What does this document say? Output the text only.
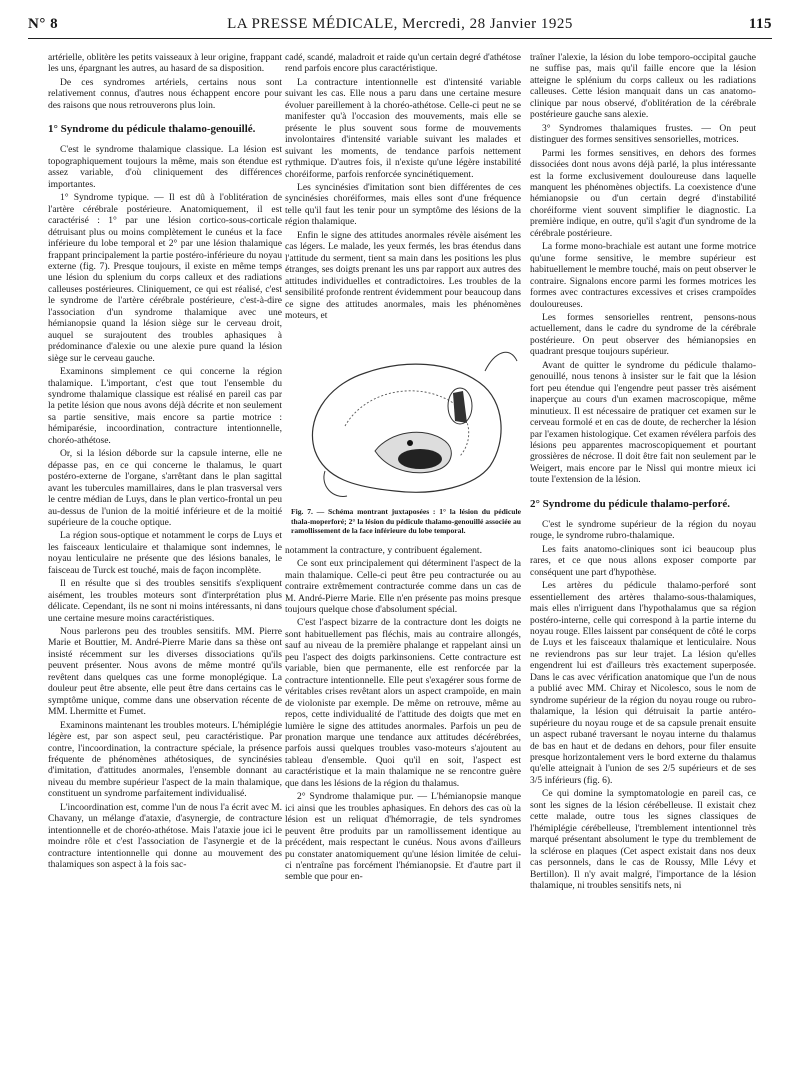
N° 8	LA PRESSE MÉDICALE, Mercredi, 28 Janvier 1925	115

artérielle, oblitère les petits vaisseaux à leur origine, frappant les uns, épargnant les autres, au hasard de sa disposition.

De ces syndromes artériels, certains nous sont relativement connus, d'autres nous échappent encore pour des raisons que nous retrouverons plus loin.

1° Syndrome du pédicule thalamo-genouillé.

C'est le syndrome thalamique classique. La lésion est topographiquement toujours la même, mais son étendue est assez variable, d'où cliniquement des différences importantes.

1° Syndrome typique. — Il est dû à l'oblitération de l'artère cérébrale postérieure. Anatomiquement, il est caractérisé : 1° par une lésion cortico-sous-corticale détruisant plus ou moins complètement le cunéus et la face inférieure du lobe temporal et 2° par une lésion thalamique frappant principalement la partie postéro-inférieure du noyau externe (fig. 7). Presque toujours, il existe en même temps une lésion du splenium du corps calleux et des radiations calleuses postérieures. Cliniquement, ce qui est réalisé, c'est le syndrome de l'artère cérébrale postérieure, c'est-à-dire l'association d'un syndrome thalamique avec une hémianopsie quand la lésion siège sur le cerveau droit, auquel se surajoutent des troubles aphasiques à prédominance d'alexie ou une alexie pure quand la lésion siège sur le cerveau gauche.

Examinons simplement ce qui concerne la région thalamique. L'important, c'est que tout l'ensemble du syndrome thalamique classique est réalisé en pareil cas par la petite lésion que nous avons déjà décrite et non seulement sa partie sensitive, mais encore sa partie motrice : hémiparésie, incoordination, contracture intentionnelle, choréo-athétose.

Or, si la lésion déborde sur la capsule interne, elle ne dépasse pas, en ce qui concerne le thalamus, le quart postéro-externe de l'organe, s'arrêtant dans le plan sagittal avant les tubercules mamillaires, dans le plan trasversal vers le centre médian de Luys, dans le plan vertico-frontal un peu au-dessus de l'union de la moitié inférieure et de la moitié supérieure de la couche optique.

La région sous-optique et notamment le corps de Luys et les faisceaux lenticulaire et thalamique sont indemnes, le noyau lenticulaire ne présente que des lésions banales, le faisceau de Turck est touché, mais de façon incomplète.

Il en résulte que si des troubles sensitifs s'expliquent aisément, les troubles moteurs sont d'interprétation plus délicate. Cependant, ils ne sont ni moins intéressants, ni dans une certaine mesure moins caractéristiques.

Nous parlerons peu des troubles sensitifs. MM. Pierre Marie et Bouttier, M. André-Pierre Marie dans sa thèse ont insisté récemment sur les diverses dissociations qu'ils peuvent présenter. Nous avons de même montré qu'ils revêtent dans quelques cas une forme monoplégique. La douleur peut être absente, elle peut être dans certains cas le symptôme unique, comme dans une observation récente de MM. Lhermitte et Fumet.

Examinons maintenant les troubles moteurs. L'hémiplégie légère est, par son aspect seul, peu caractéristique. Par contre, l'incoordination, la contracture spéciale, la présence fréquente de phénomènes athétosiques, de syncinésies d'imitation, d'attitudes anormales, l'ensemble donnant au niveau du membre supérieur l'aspect de la main thalamique, constituent un syndrome parfaitement individualisé.

L'incoordination est, comme l'un de nous l'a écrit avec M. Chavany, un mélange d'ataxie, d'asynergie, de contracture intentionnelle et de choréo-athétose. Mais l'ataxie joue ici le moindre rôle et c'est l'association de l'asynergie et de la contracture intentionnelle qui donne au mouvement des thalamiques son aspect à la fois sac-

cadé, scandé, maladroit et raide qu'un certain degré d'athétose rend parfois encore plus caractéristique.

La contracture intentionnelle est d'intensité variable suivant les cas. Elle nous a paru dans une certaine mesure évoluer pareillement à la choréo-athétose. Celle-ci peut ne se manifester qu'à l'occasion des mouvements, mais elle se présente le plus souvent sous forme de mouvements involontaires d'intensité variable suivant les malades et suivant les moments, de tendance parfois nettement rythmique. D'autres fois, il n'existe qu'une légère instabilité choréiforme, parfois renforcée syncinétiquement.

Les syncinésies d'imitation sont bien différentes de ces syncinésies choréiformes, mais elles sont d'une fréquence telle qu'il faut les tenir pour un symptôme des lésions de la région thalamique.

Enfin le signe des attitudes anormales révèle aisément les cas légers. Le malade, les yeux fermés, les bras étendus dans l'attitude du serment, tient sa main dans les positions les plus étranges, ses doigts prenant les uns par rapport aux autres des attitudes individuelles et contradictoires. Les troubles de la sensibilité profonde rentrent évidemment pour beaucoup dans ce signe des attitudes anormales, mais les phénomènes moteurs, et

Fig. 7. — Schéma montrant juxtaposées : 1° la lésion du pédicule thala-moperforé; 2° la lésion du pédicule thalamo-genouillé associée au ramollissement de la face inférieure du lobe temporal.

notamment la contracture, y contribuent également.

Ce sont eux principalement qui déterminent l'aspect de la main thalamique. Celle-ci peut être peu contracturée ou au contraire extrêmement contracturée comme dans un cas de M. André-Pierre Marie. Elle n'en présente pas moins presque toujours quelque chose d'absolument spécial.

C'est l'aspect bizarre de la contracture dont les doigts ne sont habituellement pas fléchis, mais au contraire allongés, sauf au niveau de la première phalange et rappelant ainsi un peu l'aspect des doigts parkinsoniens. Cette contracture est variable, bien que permanente, elle est renforcée par la contracture intentionnelle. Elle peut s'exagérer sous forme de véritables crises revêtant alors un aspect crampoïde, en main de violoniste par exemple. De même on retrouve, même au repos, cette individualité de l'attitude des doigts que met en lumière le signe des attitudes anormales. Parfois un peu de pronation marque une tendance aux attitudes décérébrées, parfois aussi quelques troubles vaso-moteurs s'ajoutent au tableau d'ensemble. Quoi qu'il en soit, l'aspect est caractéristique et la main thalamique ne se rencontre guère que dans les lésions de la région du thalamus.

2° Syndrome thalamique pur. — L'hémianopsie manque ici ainsi que les troubles aphasiques. En dehors des cas où la lésion est un reliquat d'hémorragie, de tels syndromes peuvent être produits par un ramollissement identique au précédent, mais respectant le cunéus. Nous avons d'ailleurs pu constater anatomiquement qu'une lésion limitée de celui-ci n'entraîne pas forcément l'hémianopsie. Et d'autre part il semble que pour en-

traîner l'alexie, la lésion du lobe temporo-occipital gauche ne suffise pas, mais qu'il faille encore que la lésion atteigne le splénium du corps calleux ou les radiations calleuses. Cette lésion manquait dans un cas anatomo-clinique par nous observé, d'oblitération de la cérébrale postérieure gauche sans alexie.

3° Syndromes thalamiques frustes. — On peut distinguer des formes sensitives sensorielles, motrices.

Parmi les formes sensitives, en dehors des formes dissociées dont nous avons déjà parlé, la plus intéressante est la forme exclusivement douloureuse dans laquelle manquent les phénomènes objectifs. La coexistence d'une hémianopsie ou d'un certain degré d'instabilité choréiforme vient souvent simplifier le diagnostic. La première indique, en outre, qu'il s'agit d'un syndrome de la cérébrale postérieure.

La forme mono-brachiale est autant une forme motrice qu'une forme sensitive, le membre supérieur est habituellement le membre touché, mais on peut observer le contraire. Signalons encore parmi les formes motrices les formes avec contractures excessives et crises crampoïdes douloureuses.

Les formes sensorielles rentrent, pensons-nous actuellement, dans le cadre du syndrome de la cérébrale postérieure. On peut observer des hémianopsies en quadrant presque toujours supérieur.

Avant de quitter le syndrome du pédicule thalamo-genouillé, nous tenons à insister sur le fait que la lésion fort peu étendue qui l'engendre peut passer très aisément inaperçue au cours d'un examen macroscopique, même minutieux. Il est nécessaire de pratiquer cet examen sur le cerveau formolé et en cas de doute, de rechercher la lésion par l'examen histologique. Cet examen révélera parfois des lésions peu apparentes macroscopiquement et pourtant grossières de nécrose. Il doit être fait non seulement par le Weigert, mais encore par le Nissl qui montre mieux ici toute l'extension de la lésion.

2° Syndrome du pédicule thalamo-perforé.

C'est le syndrome supérieur de la région du noyau rouge, le syndrome rubro-thalamique.

Les faits anatomo-cliniques sont ici beaucoup plus rares, et ce que nous allons exposer comporte par conséquent une part d'hypothèse.

Les artères du pédicule thalamo-perforé sont essentiellement des artères thalamo-sous-thalamiques, mais elles n'irriguent dans l'hypothalamus que sa région postéro-interne, celle qui correspond à la partie interne du noyau rouge. Elles laissent par conséquent de côté le corps de Luys et les faisceaux thalamique et lenticulaire. Nous ne reviendrons pas sur leur trajet. La lésion qu'elles engendrent lui est d'ailleurs très exactement superposée. Dans le cas avec vérification anatomique que l'un de nous a publié avec MM. Chiray et Nicolesco, sous le nom de syndrome supérieur de la région du noyau rouge ou rubro-thalamique, la lésion qui détruisait la partie antéro-supérieure du noyau rouge et de sa capsule prenait ensuite un aspect rubané traversant le noyau interne du thalamus de bas en haut et de dedans en dehors, pour filer ensuite presque horizontalement vers le bord externe du thalamus qu'elle atteignait à l'union de ses 2/5 supérieurs et de ses 3/5 inférieurs (fig. 6).

Ce qui domine la symptomatologie en pareil cas, ce sont les signes de la lésion cérébelleuse. Il existait chez cette malade, outre tous les signes classiques de l'hémiplégie cérébelleuse, l'tremblement intentionnel très marqué présentant absolument le type du tremblement de la sclérose en plaques (Cet aspect existait dans nos deux cas personnels, dans le cas de Roussy, Mlle Lévy et Bertillon). Il n'y avait malgré, l'importance de la lésion thalamique, ni troubles sensitifs nets, ni
